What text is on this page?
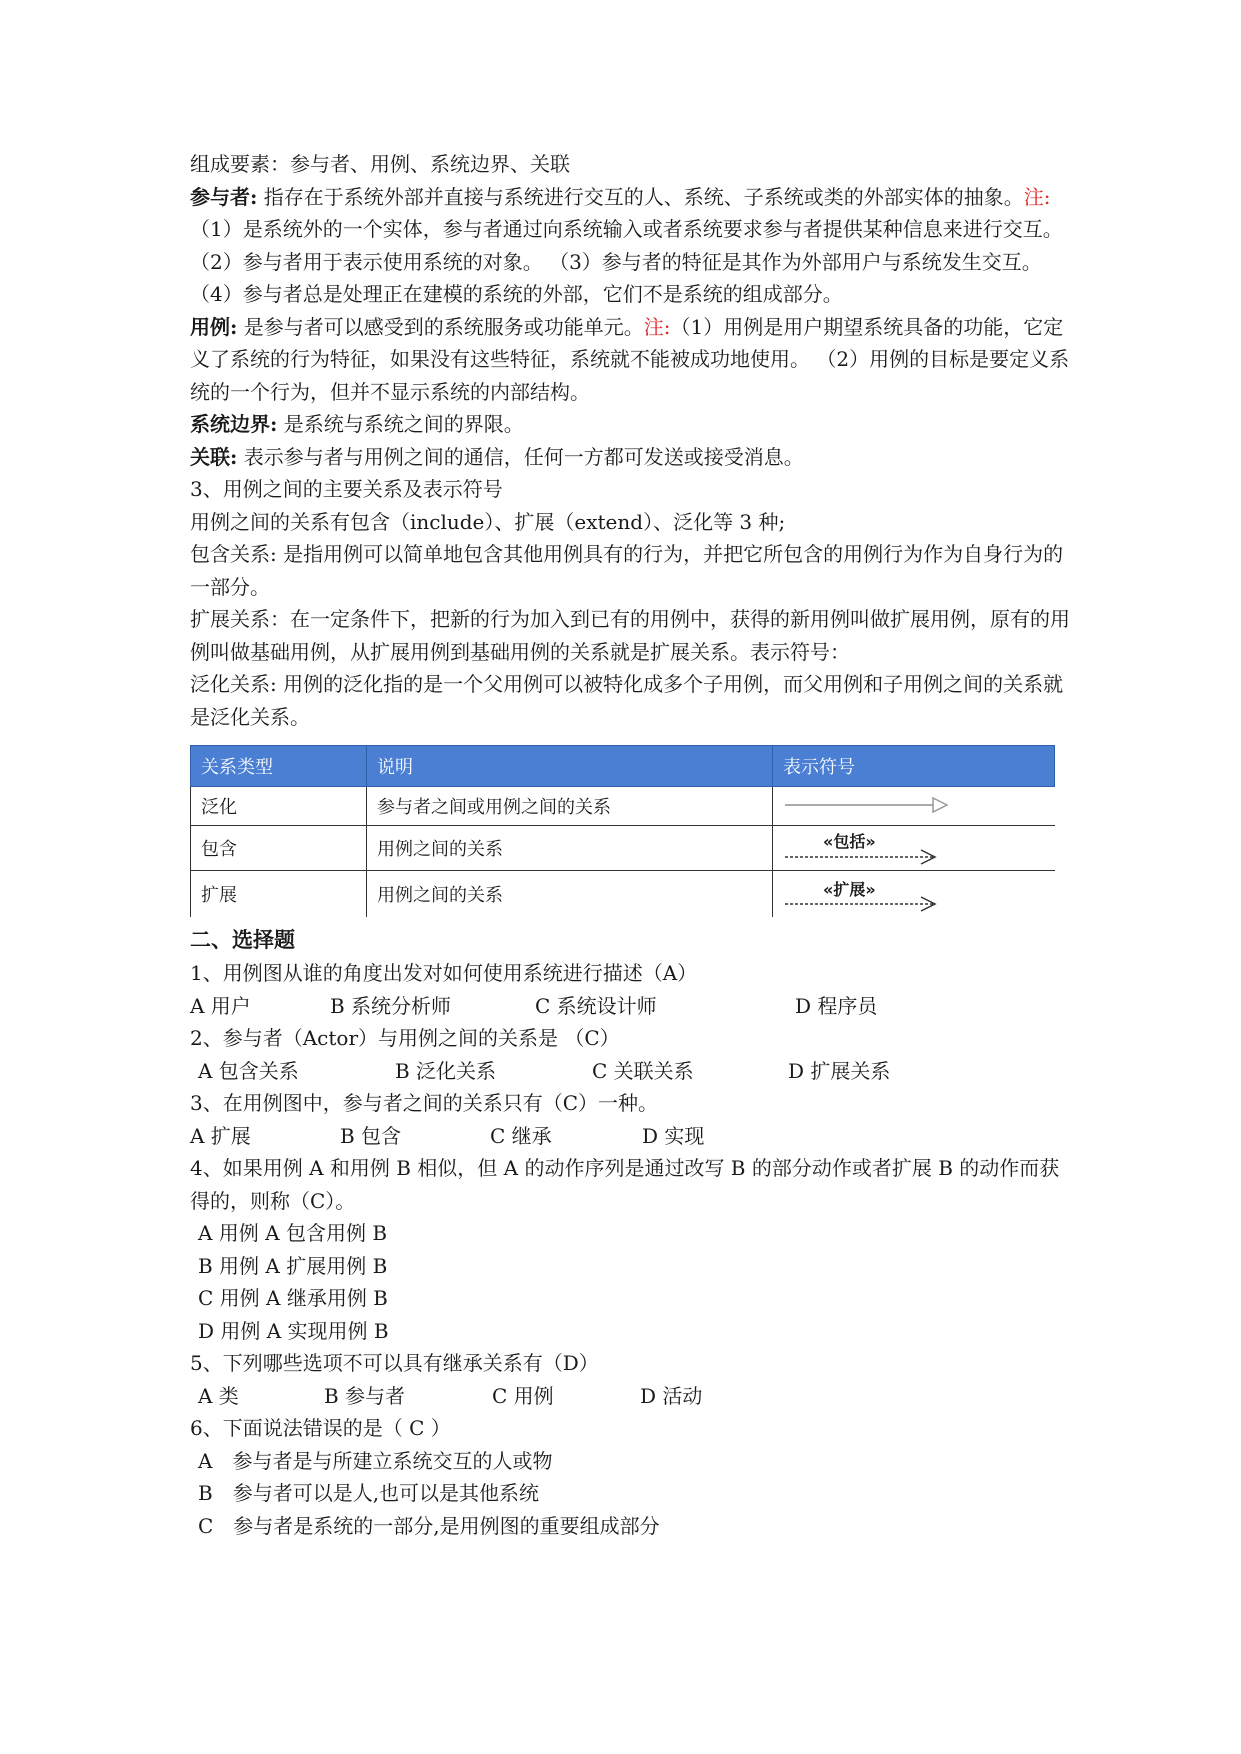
组成要素：参与者、用例、系统边界、关联

参与者: 指存在于系统外部并直接与系统进行交互的人、系统、子系统或类的外部实体的抽象。注:（1）是系统外的一个实体，参与者通过向系统输入或者系统要求参与者提供某种信息来进行交互。 （2）参与者用于表示使用系统的对象。 （3）参与者的特征是其作为外部用户与系统发生交互。 （4）参与者总是处理正在建模的系统的外部，它们不是系统的组成部分。

用例: 是参与者可以感受到的系统服务或功能单元。注:（1）用例是用户期望系统具备的功能，它定义了系统的行为特征，如果没有这些特征，系统就不能被成功地使用。 （2）用例的目标是要定义系统的一个行为，但并不显示系统的内部结构。

系统边界: 是系统与系统之间的界限。

关联: 表示参与者与用例之间的通信，任何一方都可发送或接受消息。

3、用例之间的主要关系及表示符号

用例之间的关系有包含（include）、扩展（extend）、泛化等 3 种;

包含关系: 是指用例可以简单地包含其他用例具有的行为，并把它所包含的用例行为作为自身行为的一部分。

扩展关系：在一定条件下，把新的行为加入到已有的用例中，获得的新用例叫做扩展用例，原有的用例叫做基础用例，从扩展用例到基础用例的关系就是扩展关系。表示符号：

泛化关系: 用例的泛化指的是一个父用例可以被特化成多个子用例，而父用例和子用例之间的关系就是泛化关系。

关系类型	说明	表示符号
泛化	参与者之间或用例之间的关系	

包含	用例之间的关系	«包括»

扩展	用例之间的关系	«扩展»
二、选择题

1、用例图从谁的角度出发对如何使用系统进行描述（A）

A 用户	B 系统分析师	C 系统设计师	D 程序员

2、参与者（Actor）与用例之间的关系是 （C）

A 包含关系	B 泛化关系	C 关联关系	D 扩展关系

3、在用例图中，参与者之间的关系只有（C）一种。

A 扩展	B 包含	C 继承	D 实现

4、如果用例 A 和用例 B 相似，但 A 的动作序列是通过改写 B 的部分动作或者扩展 B 的动作而获得的，则称（C）。

A 用例 A 包含用例 B

B 用例 A 扩展用例 B

C 用例 A 继承用例 B

D 用例 A 实现用例 B

5、下列哪些选项不可以具有继承关系有（D）

A 类	B 参与者	C 用例	D 活动

6、下面说法错误的是（ C ）

A　参与者是与所建立系统交互的人或物

B　参与者可以是人,也可以是其他系统

C　参与者是系统的一部分,是用例图的重要组成部分
